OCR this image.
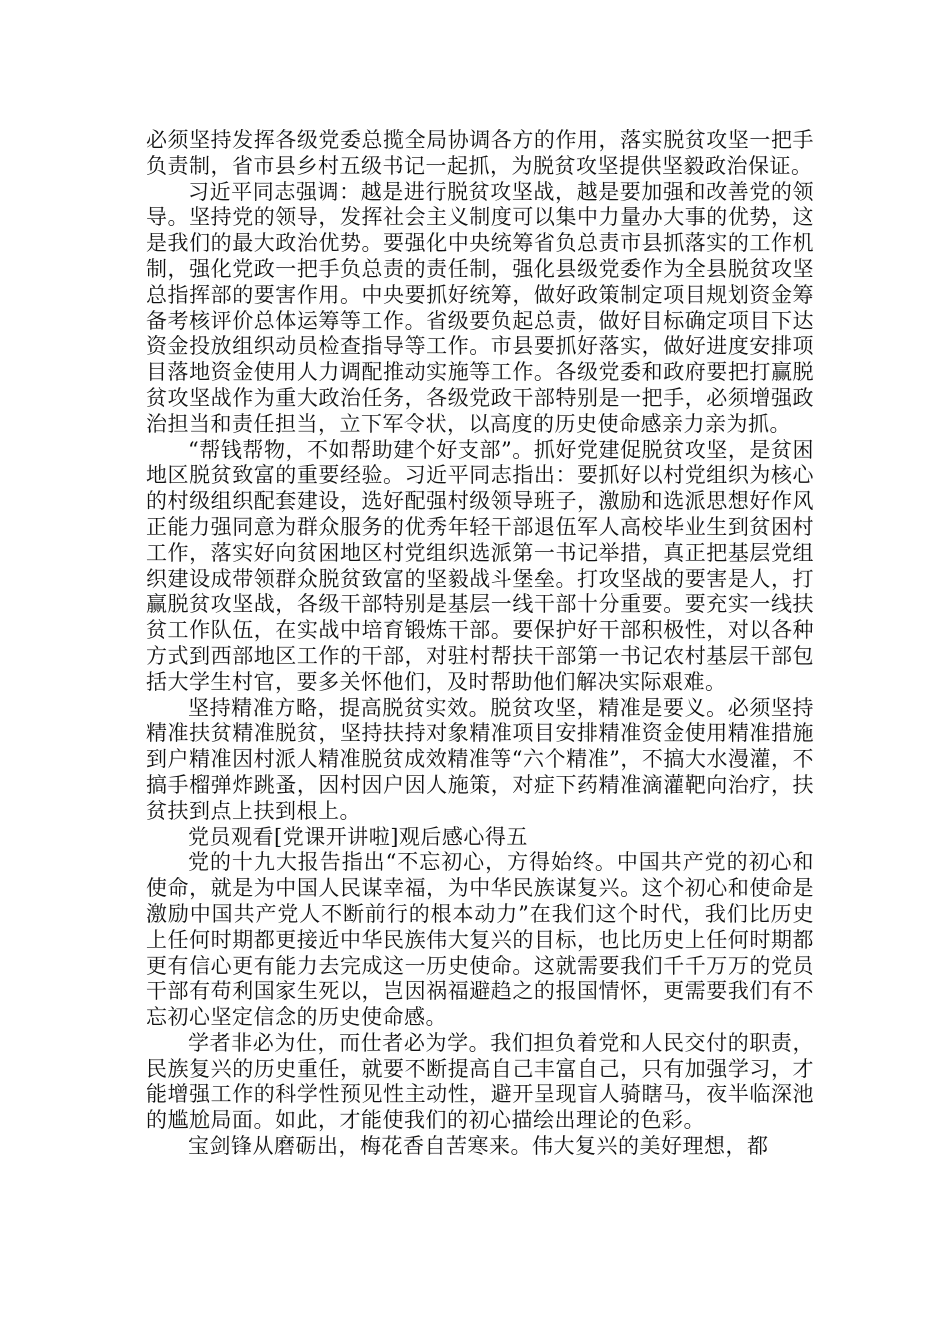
必须坚持发挥各级党委总揽全局协调各方的作用，落实脱贫攻坚一把手负责制，省市县乡村五级书记一起抓，为脱贫攻坚提供坚毅政治保证。

习近平同志强调：越是进行脱贫攻坚战，越是要加强和改善党的领导。坚持党的领导，发挥社会主义制度可以集中力量办大事的优势，这是我们的最大政治优势。要强化中央统筹省负总责市县抓落实的工作机制，强化党政一把手负总责的责任制，强化县级党委作为全县脱贫攻坚总指挥部的要害作用。中央要抓好统筹，做好政策制定项目规划资金筹备考核评价总体运筹等工作。省级要负起总责，做好目标确定项目下达资金投放组织动员检查指导等工作。市县要抓好落实，做好进度安排项目落地资金使用人力调配推动实施等工作。各级党委和政府要把打赢脱贫攻坚战作为重大政治任务，各级党政干部特别是一把手，必须增强政治担当和责任担当，立下军令状，以高度的历史使命感亲力亲为抓。

“帮钱帮物，不如帮助建个好支部”。抓好党建促脱贫攻坚，是贫困地区脱贫致富的重要经验。习近平同志指出：要抓好以村党组织为核心的村级组织配套建设，选好配强村级领导班子，激励和选派思想好作风正能力强同意为群众服务的优秀年轻干部退伍军人高校毕业生到贫困村工作，落实好向贫困地区村党组织选派第一书记举措，真正把基层党组织建设成带领群众脱贫致富的坚毅战斗堡垒。打攻坚战的要害是人，打赢脱贫攻坚战，各级干部特别是基层一线干部十分重要。要充实一线扶贫工作队伍，在实战中培育锻炼干部。要保护好干部积极性，对以各种方式到西部地区工作的干部，对驻村帮扶干部第一书记农村基层干部包括大学生村官，要多关怀他们，及时帮助他们解决实际艰难。

坚持精准方略，提高脱贫实效。脱贫攻坚，精准是要义。必须坚持精准扶贫精准脱贫，坚持扶持对象精准项目安排精准资金使用精准措施到户精准因村派人精准脱贫成效精准等“六个精准”，不搞大水漫灌，不搞手榴弹炸跳蚤，因村因户因人施策，对症下药精准滴灌靶向治疗，扶贫扶到点上扶到根上。

党员观看[党课开讲啦]观后感心得五

党的十九大报告指出“不忘初心，方得始终。中国共产党的初心和使命，就是为中国人民谋幸福，为中华民族谋复兴。这个初心和使命是激励中国共产党人不断前行的根本动力”在我们这个时代，我们比历史上任何时期都更接近中华民族伟大复兴的目标，也比历史上任何时期都更有信心更有能力去完成这一历史使命。这就需要我们千千万万的党员干部有苟利国家生死以，岂因祸福避趋之的报国情怀，更需要我们有不忘初心坚定信念的历史使命感。

学者非必为仕，而仕者必为学。我们担负着党和人民交付的职责，民族复兴的历史重任，就要不断提高自己丰富自己，只有加强学习，才能增强工作的科学性预见性主动性，避开呈现盲人骑瞎马，夜半临深池的尴尬局面。如此，才能使我们的初心描绘出理论的色彩。

宝剑锋从磨砺出，梅花香自苦寒来。伟大复兴的美好理想，都
